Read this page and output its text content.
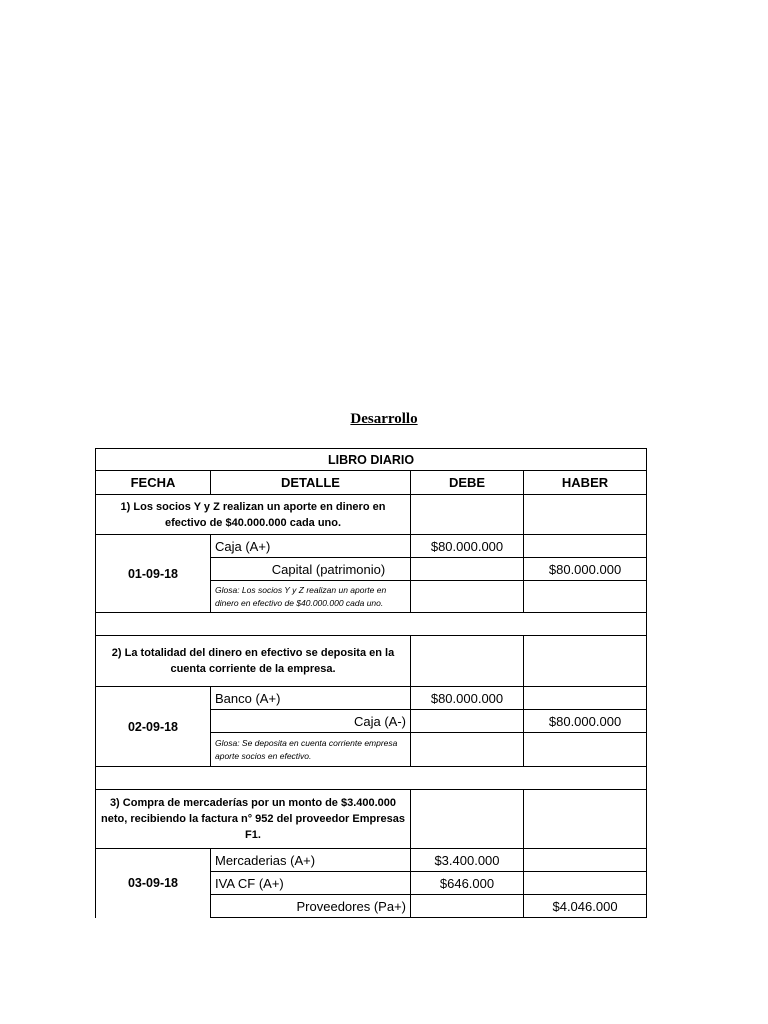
Desarrollo
LIBRO DIARIO			
FECHA	DETALLE	DEBE	HABER
1) Los socios Y y Z realizan un aporte en dinero en efectivo de $40.000.000 cada uno.			
01-09-18	Caja (A+)	$80.000.000	
	Capital (patrimonio)		$80.000.000
	Glosa: Los socios Y y Z realizan un aporte en dinero en efectivo de $40.000.000 cada uno.		

2) La totalidad del dinero en efectivo se deposita en la cuenta corriente de la empresa.			
02-09-18	Banco (A+)	$80.000.000	
	Caja (A-)		$80.000.000
	Glosa: Se deposita en cuenta corriente empresa aporte socios en efectivo.		

3) Compra de mercaderías por un monto de $3.400.000 neto, recibiendo la factura n° 952 del proveedor Empresas F1.			
03-09-18	Mercaderias (A+)	$3.400.000	
	IVA CF (A+)	$646.000	
	Proveedores (Pa+)		$4.046.000
